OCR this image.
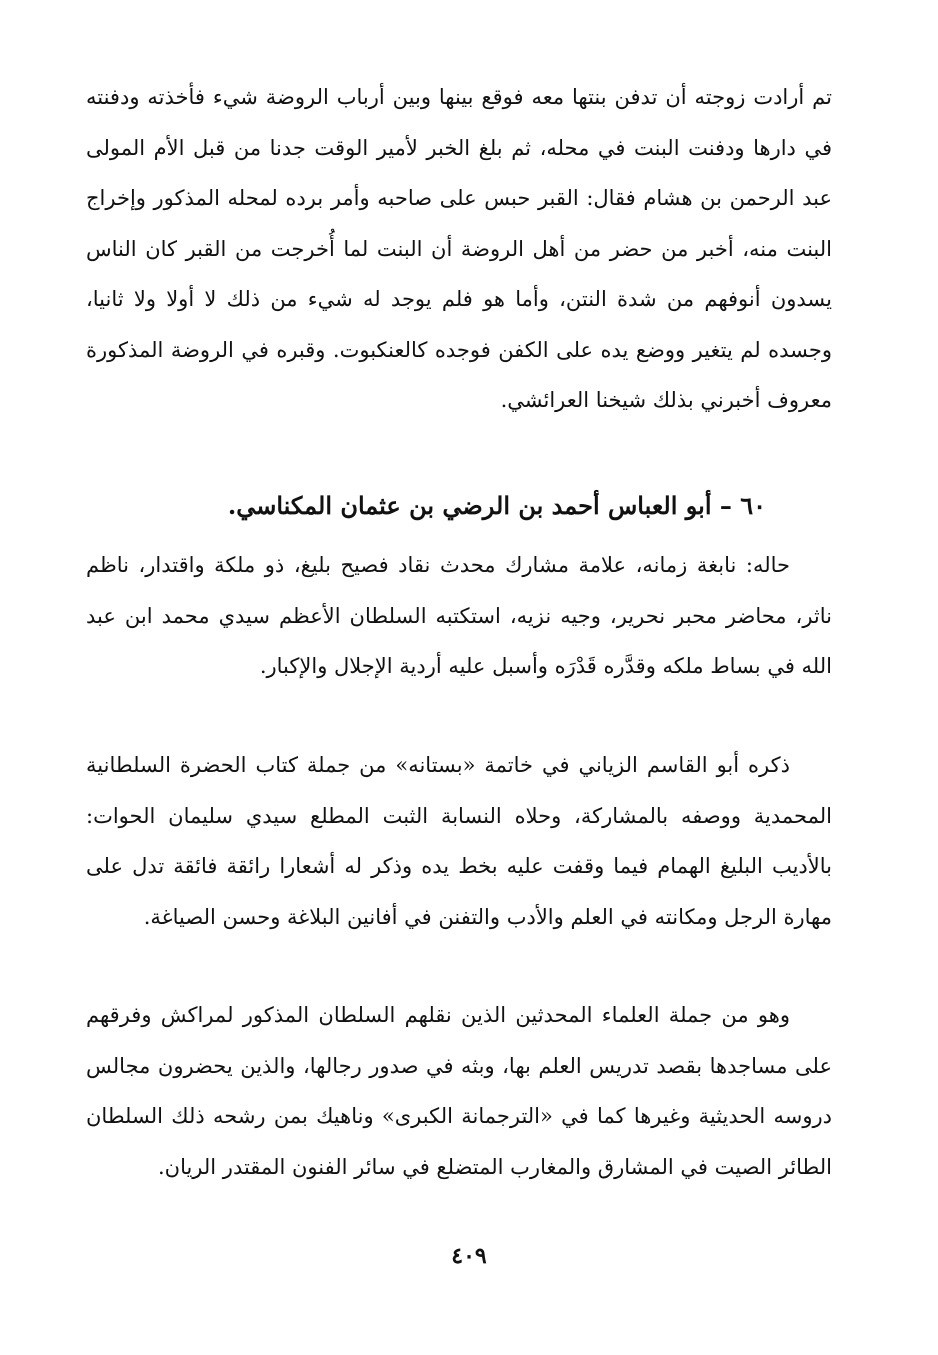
تم أرادت زوجته أن تدفن بنتها معه فوقع بينها وبين أرباب الروضة شيء فأخذته ودفنته في دارها ودفنت البنت في محله، ثم بلغ الخبر لأمير الوقت جدنا من قبل الأم المولى عبد الرحمن بن هشام فقال: القبر حبس على صاحبه وأمر برده لمحله المذكور وإخراج البنت منه، أخبر من حضر من أهل الروضة أن البنت لما أُخرجت من القبر كان الناس يسدون أنوفهم من شدة النتن، وأما هو فلم يوجد له شيء من ذلك لا أولا ولا ثانيا، وجسده لم يتغير ووضع يده على الكفن فوجده كالعنكبوت. وقبره في الروضة المذكورة معروف أخبرني بذلك شيخنا العرائشي.

٦٠ – أبو العباس أحمد بن الرضي بن عثمان المكناسي.

حاله: نابغة زمانه، علامة مشارك محدث نقاد فصيح بليغ، ذو ملكة واقتدار، ناظم ناثر، محاضر محبر نحرير، وجيه نزيه، استكتبه السلطان الأعظم سيدي محمد ابن عبد الله في بساط ملكه وقدَّره قَدْرَه وأسبل عليه أردية الإجلال والإكبار.

ذكره أبو القاسم الزياني في خاتمة «بستانه» من جملة كتاب الحضرة السلطانية المحمدية ووصفه بالمشاركة، وحلاه النسابة الثبت المطلع سيدي سليمان الحوات: بالأديب البليغ الهمام فيما وقفت عليه بخط يده وذكر له أشعارا رائقة فائقة تدل على مهارة الرجل ومكانته في العلم والأدب والتفنن في أفانين البلاغة وحسن الصياغة.

وهو من جملة العلماء المحدثين الذين نقلهم السلطان المذكور لمراكش وفرقهم على مساجدها بقصد تدريس العلم بها، وبثه في صدور رجالها، والذين يحضرون مجالس دروسه الحديثية وغيرها كما في «الترجمانة الكبرى» وناهيك بمن رشحه ذلك السلطان الطائر الصيت في المشارق والمغارب المتضلع في سائر الفنون المقتدر الريان.

٤٠٩
